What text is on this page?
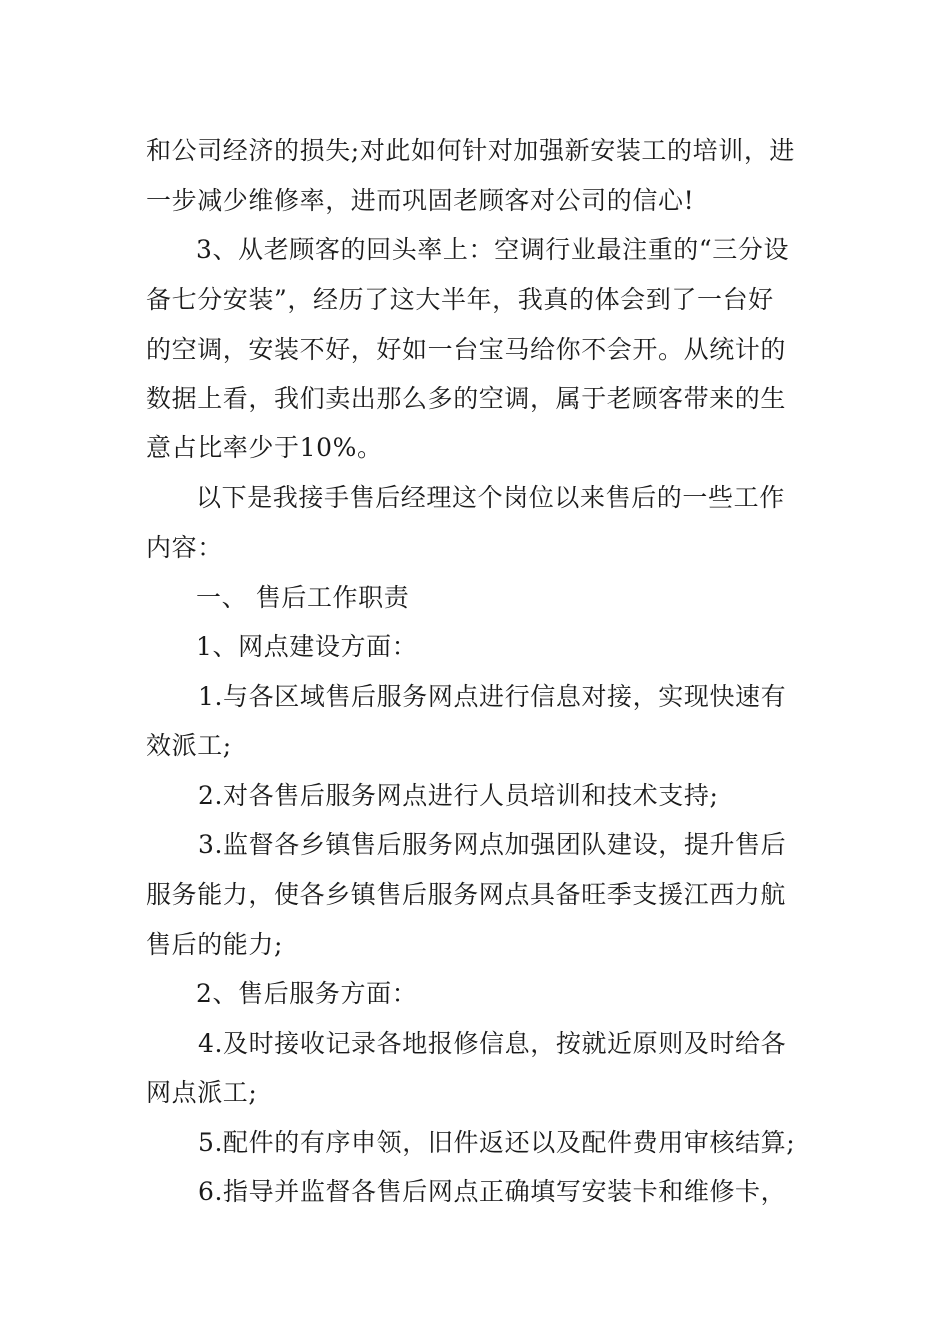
和公司经济的损失;对此如何针对加强新安装工的培训，进
一步减少维修率，进而巩固老顾客对公司的信心!
3、从老顾客的回头率上：空调行业最注重的“三分设
备七分安装”，经历了这大半年，我真的体会到了一台好
的空调，安装不好，好如一台宝马给你不会开。从统计的
数据上看，我们卖出那么多的空调，属于老顾客带来的生
意占比率少于10%。
以下是我接手售后经理这个岗位以来售后的一些工作
内容：
一、 售后工作职责
1、网点建设方面：
1.与各区域售后服务网点进行信息对接，实现快速有
效派工;
2.对各售后服务网点进行人员培训和技术支持;
3.监督各乡镇售后服务网点加强团队建设，提升售后
服务能力，使各乡镇售后服务网点具备旺季支援江西力航
售后的能力;
2、售后服务方面：
4.及时接收记录各地报修信息，按就近原则及时给各
网点派工;
5.配件的有序申领，旧件返还以及配件费用审核结算;
6.指导并监督各售后网点正确填写安装卡和维修卡，
